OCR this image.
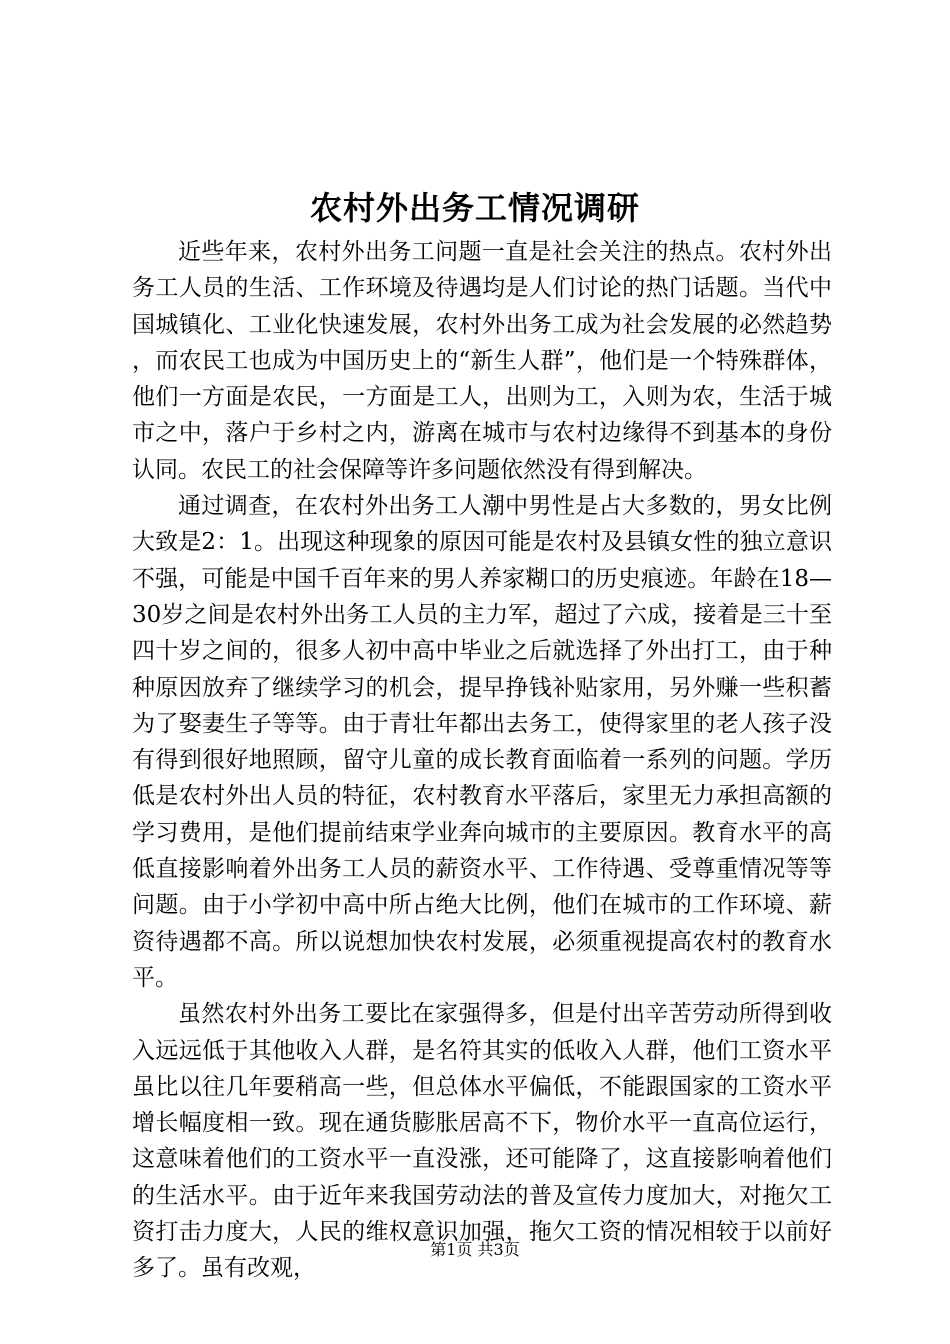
农村外出务工情况调研

近些年来，农村外出务工问题一直是社会关注的热点。农村外出务工人员的生活、工作环境及待遇均是人们讨论的热门话题。当代中国城镇化、工业化快速发展，农村外出务工成为社会发展的必然趋势，而农民工也成为中国历史上的“新生人群”，他们是一个特殊群体，他们一方面是农民，一方面是工人，出则为工，入则为农，生活于城市之中，落户于乡村之内，游离在城市与农村边缘得不到基本的身份认同。农民工的社会保障等许多问题依然没有得到解决。

通过调查，在农村外出务工人潮中男性是占大多数的，男女比例大致是2：1。出现这种现象的原因可能是农村及县镇女性的独立意识不强，可能是中国千百年来的男人养家糊口的历史痕迹。年龄在18—30岁之间是农村外出务工人员的主力军，超过了六成，接着是三十至四十岁之间的，很多人初中高中毕业之后就选择了外出打工，由于种种原因放弃了继续学习的机会，提早挣钱补贴家用，另外赚一些积蓄为了娶妻生子等等。由于青壮年都出去务工，使得家里的老人孩子没有得到很好地照顾，留守儿童的成长教育面临着一系列的问题。学历低是农村外出人员的特征，农村教育水平落后，家里无力承担高额的学习费用，是他们提前结束学业奔向城市的主要原因。教育水平的高低直接影响着外出务工人员的薪资水平、工作待遇、受尊重情况等等问题。由于小学初中高中所占绝大比例，他们在城市的工作环境、薪资待遇都不高。所以说想加快农村发展，必须重视提高农村的教育水平。

虽然农村外出务工要比在家强得多，但是付出辛苦劳动所得到收入远远低于其他收入人群，是名符其实的低收入人群，他们工资水平虽比以往几年要稍高一些，但总体水平偏低，不能跟国家的工资水平增长幅度相一致。现在通货膨胀居高不下，物价水平一直高位运行，这意味着他们的工资水平一直没涨，还可能降了，这直接影响着他们的生活水平。由于近年来我国劳动法的普及宣传力度加大，对拖欠工资打击力度大，人民的维权意识加强，拖欠工资的情况相较于以前好多了。虽有改观，

第1页 共3页
